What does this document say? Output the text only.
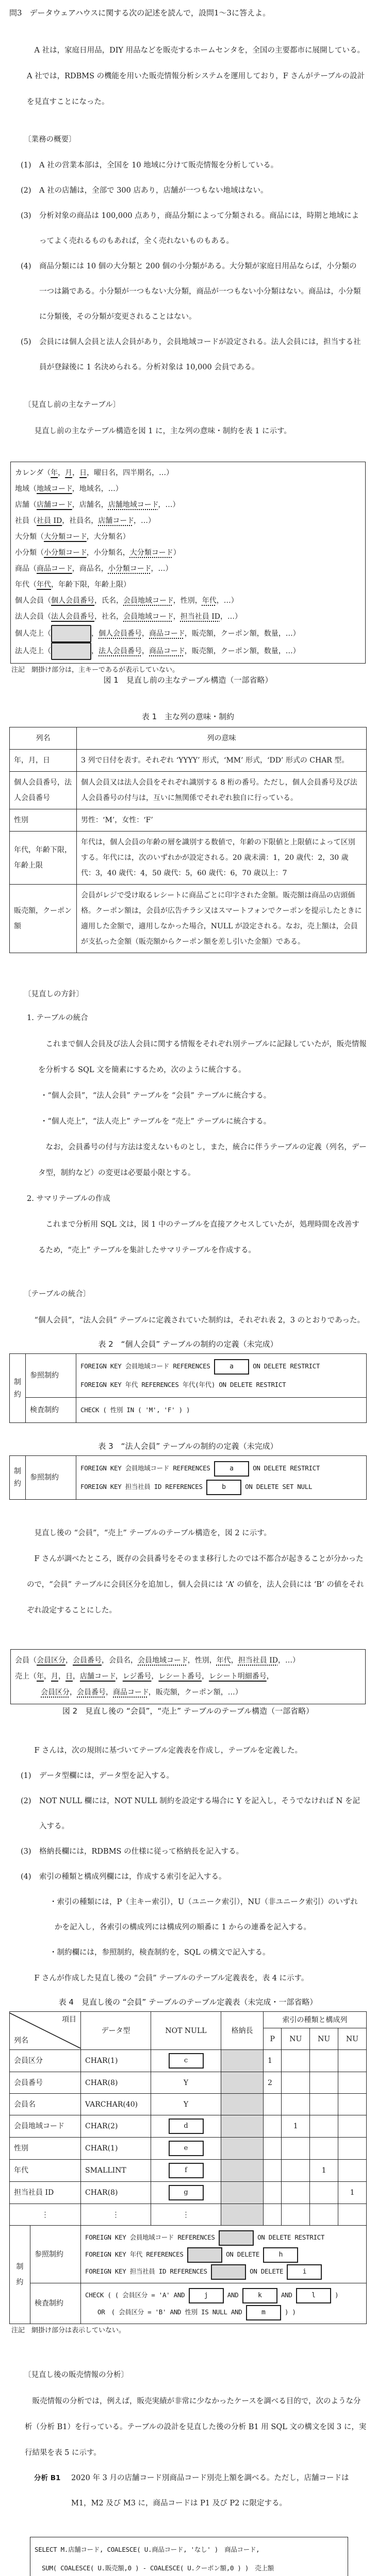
問3　データウェアハウスに関する次の記述を読んで，設問1〜3に答えよ。
A 社は，家庭日用品，DIY 用品などを販売するホームセンタを，全国の主要都市に展開している。A 社では，RDBMS の機能を用いた販売情報分析システムを運用しており，F さんがテーブルの設計を見直すことになった。
〔業務の概要〕
(1) A 社の営業本部は，全国を 10 地域に分けて販売情報を分析している。
(2) A 社の店舗は，全部で 300 店あり，店舗が一つもない地域はない。
(3) 分析対象の商品は 100,000 点あり，商品分類によって分類される。商品には，時期と地域によってよく売れるものもあれば，全く売れないものもある。
(4) 商品分類には 10 個の大分類と 200 個の小分類がある。大分類が家庭日用品ならば，小分類の一つは鍋である。小分類が一つもない大分類，商品が一つもない小分類はない。商品は，小分類に分類後，その分類が変更されることはない。
(5) 会員には個人会員と法人会員があり，会員地域コードが設定される。法人会員には，担当する社員が登録後に 1 名決められる。分析対象は 10,000 会員である。
〔見直し前の主なテーブル〕
見直し前の主なテーブル構造を図 1 に，主な列の意味・制約を表 1 に示す。
カレンダ（年，月，日，曜日名，四半期名，…）
地域（地域コード，地域名，…）
店舗（店舗コード，店舗名，店舗地域コード，…）
社員（社員 ID，社員名，店舗コード，…）
大分類（大分類コード，大分類名）
小分類（小分類コード，小分類名，大分類コード）
商品（商品コード，商品名，小分類コード，…）
年代（年代，年齢下限，年齢上限）
個人会員（個人会員番号，氏名，会員地域コード，性別，年代，…）
法人会員（法人会員番号，社名，会員地域コード，担当社員 ID，…）
個人売上（	，個人会員番号，商品コード，販売額，クーポン額，数量，…）
法人売上（	，法人会員番号，商品コード，販売額，クーポン額，数量，…）
注記　網掛け部分は，主キーであるが表示していない。
図 1　見直し前の主なテーブル構造（一部省略）
表 1　主な列の意味・制約
列名	列の意味
年，月，日	3 列で日付を表す。それぞれ ‘YYYY’ 形式，‘MM’ 形式，‘DD’ 形式の CHAR 型。
個人会員番号，法人会員番号	個人会員又は法人会員をそれぞれ識別する 8 桁の番号。ただし，個人会員番号及び法人会員番号の付与は，互いに無関係でそれぞれ独自に行っている。
性別	男性：‘M’，女性：‘F’
年代，年齢下限，年齢上限	年代は，個人会員の年齢の層を識別する数値で，年齢の下限値と上限値によって区別する。年代には，次のいずれかが設定される。20 歳未満：1，20 歳代：2，30 歳代：3，40 歳代：4，50 歳代：5，60 歳代：6，70 歳以上：7
販売額，クーポン額	会員がレジで受け取るレシートに商品ごとに印字された金額。販売額は商品の店頭価格。クーポン額は，会員が広告チラシ又はスマートフォンでクーポンを提示したときに適用した金額で，適用しなかった場合，NULL が設定される。なお，売上額は，会員が支払った金額（販売額からクーポン額を差し引いた金額）である。
〔見直しの方針〕
1. テーブルの統合
これまで個人会員及び法人会員に関する情報をそれぞれ別テーブルに記録していたが，販売情報を分析する SQL 文を簡素にするため，次のように統合する。
・“個人会員”，“法人会員” テーブルを “会員” テーブルに統合する。
・“個人売上”，“法人売上” テーブルを “売上” テーブルに統合する。
なお，会員番号の付与方法は変えないものとし，また，統合に伴うテーブルの定義（列名，データ型，制約など）の変更は必要最小限とする。
2. サマリテーブルの作成
これまで分析用 SQL 文は，図 1 中のテーブルを直接アクセスしていたが，処理時間を改善するため，“売上” テーブルを集計したサマリテーブルを作成する。
〔テーブルの統合〕
“個人会員”，“法人会員” テーブルに定義されていた制約は，それぞれ表 2，3 のとおりであった。
表 2　“個人会員” テーブルの制約の定義（未完成）
制約	参照制約	FOREIGN KEY 会員地域コード REFERENCES a ON DELETE RESTRICT
FOREIGN KEY 年代 REFERENCES 年代(年代) ON DELETE RESTRICT

	検査制約	CHECK ( 性別 IN ( 'M', 'F' ) )
表 3　“法人会員” テーブルの制約の定義（未完成）
制約	参照制約	
FOREIGN KEY 会員地域コード REFERENCES	a	ON DELETE RESTRICT
FOREIGN KEY 担当社員 ID REFERENCES	b	ON DELETE SET NULL
見直し後の “会員”，“売上” テーブルのテーブル構造を，図 2 に示す。
F さんが調べたところ，既存の会員番号をそのまま移行したのでは不都合が起きることが分かったので，“会員” テーブルに会員区分を追加し，個人会員には ‘A’ の値を，法人会員には ‘B’ の値をそれぞれ設定することにした。
会員（会員区分，会員番号，会員名，会員地域コード，性別，年代，担当社員 ID，…）
売上（年，月，日，店舗コード，レジ番号，レシート番号，レシート明細番号，
会員区分，会員番号，商品コード，販売額，クーポン額，…）
図 2　見直し後の “会員”，“売上” テーブルのテーブル構造（一部省略）
F さんは，次の規則に基づいてテーブル定義表を作成し，テーブルを定義した。
(1) データ型欄には，データ型を記入する。
(2) NOT NULL 欄には，NOT NULL 制約を設定する場合に Y を記入し，そうでなければ N を記入する。
(3) 格納長欄には，RDBMS の仕様に従って格納長を記入する。
(4) 索引の種類と構成列欄には，作成する索引を記入する。
・索引の種類には，P（主キー索引），U（ユニーク索引），NU（非ユニーク索引）のいずれかを記入し，各索引の構成列には構成列の順番に 1 からの連番を記入する。
・制約欄には，参照制約，検査制約を，SQL の構文で記入する。
F さんが作成した見直し後の “会員” テーブルのテーブル定義表を，表 4 に示す。
表 4　見直し後の “会員” テーブルのテーブル定義表（未完成・一部省略）
項目
列名		データ型	NOT NULL	格納長	索引の種類と構成列			
					P	NU	NU	NU
会員区分		CHAR(1)	c		1			
会員番号		CHAR(8)	Y		2			
会員名		VARCHAR(40)	Y					
会員地域コード		CHAR(2)	d			1		
性別		CHAR(1)	e					
年代		SMALLINT	f				1	
担当社員 ID		CHAR(8)	g					1
⋮		⋮	⋮					
制約	参照制約	FOREIGN KEY 会員地域コード REFERENCES ON DELETE RESTRICT
FOREIGN KEY 年代 REFERENCES ON DELETE h
FOREIGN KEY 担当社員 ID REFERENCES ON DELETE i						

	検査制約	CHECK ( ( 会員区分 = 'A' AND j AND k AND l )
OR　( 会員区分 = 'B' AND 性別 IS NULL AND m ) )						
注記　網掛け部分は表示していない。
〔見直し後の販売情報の分析〕
販売情報の分析では，例えば，販売実績が非常に少なかったケースを調べる目的で，次のような分析（分析 B1）を行っている。テーブルの設計を見直した後の分析 B1 用 SQL 文の構文を図 3 に，実行結果を表 5 に示す。
分析 B1	2020 年 3 月の店舗コード別商品コード別売上額を調べる。ただし，店舗コードは M1，M2 及び M3 に，商品コードは P1 及び P2 に限定する。
SELECT M.店舗コード, COALESCE( U.商品コード, 'なし' )　商品コード,
SUM( COALESCE( U.販売額,0 ) - COALESCE( U.クーポン額,0 ) )　売上額
